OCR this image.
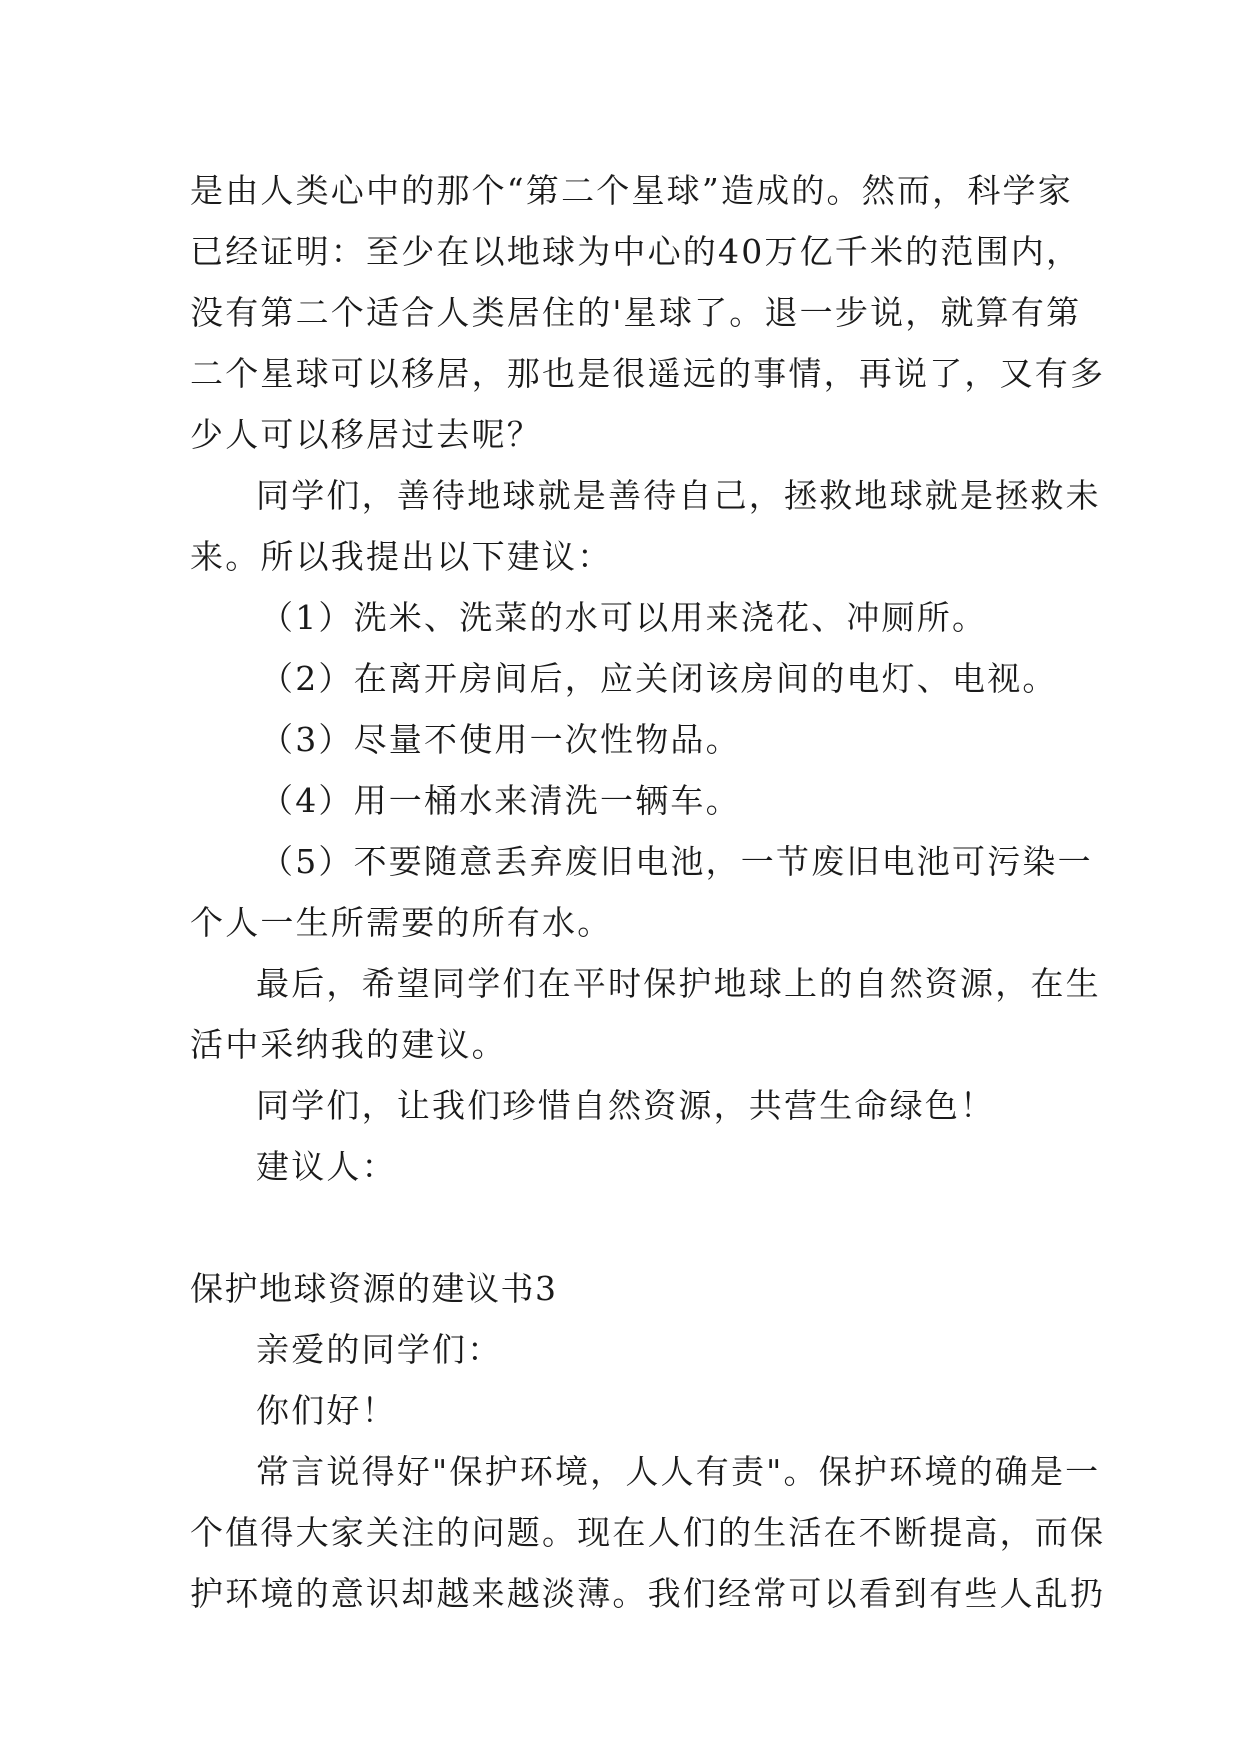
是由人类心中的那个“第二个星球”造成的。然而，科学家
已经证明：至少在以地球为中心的40万亿千米的范围内，
没有第二个适合人类居住的'星球了。退一步说，就算有第
二个星球可以移居，那也是很遥远的事情，再说了，又有多
少人可以移居过去呢？
同学们，善待地球就是善待自己，拯救地球就是拯救未
来。所以我提出以下建议：
（1）洗米、洗菜的水可以用来浇花、冲厕所。
（2）在离开房间后，应关闭该房间的电灯、电视。
（3）尽量不使用一次性物品。
（4）用一桶水来清洗一辆车。
（5）不要随意丢弃废旧电池，一节废旧电池可污染一
个人一生所需要的所有水。
最后，希望同学们在平时保护地球上的自然资源，在生
活中采纳我的建议。
同学们，让我们珍惜自然资源，共营生命绿色！
建议人：
保护地球资源的建议书3
亲爱的同学们：
你们好！
常言说得好"保护环境，人人有责"。保护环境的确是一
个值得大家关注的问题。现在人们的生活在不断提高，而保
护环境的意识却越来越淡薄。我们经常可以看到有些人乱扔
